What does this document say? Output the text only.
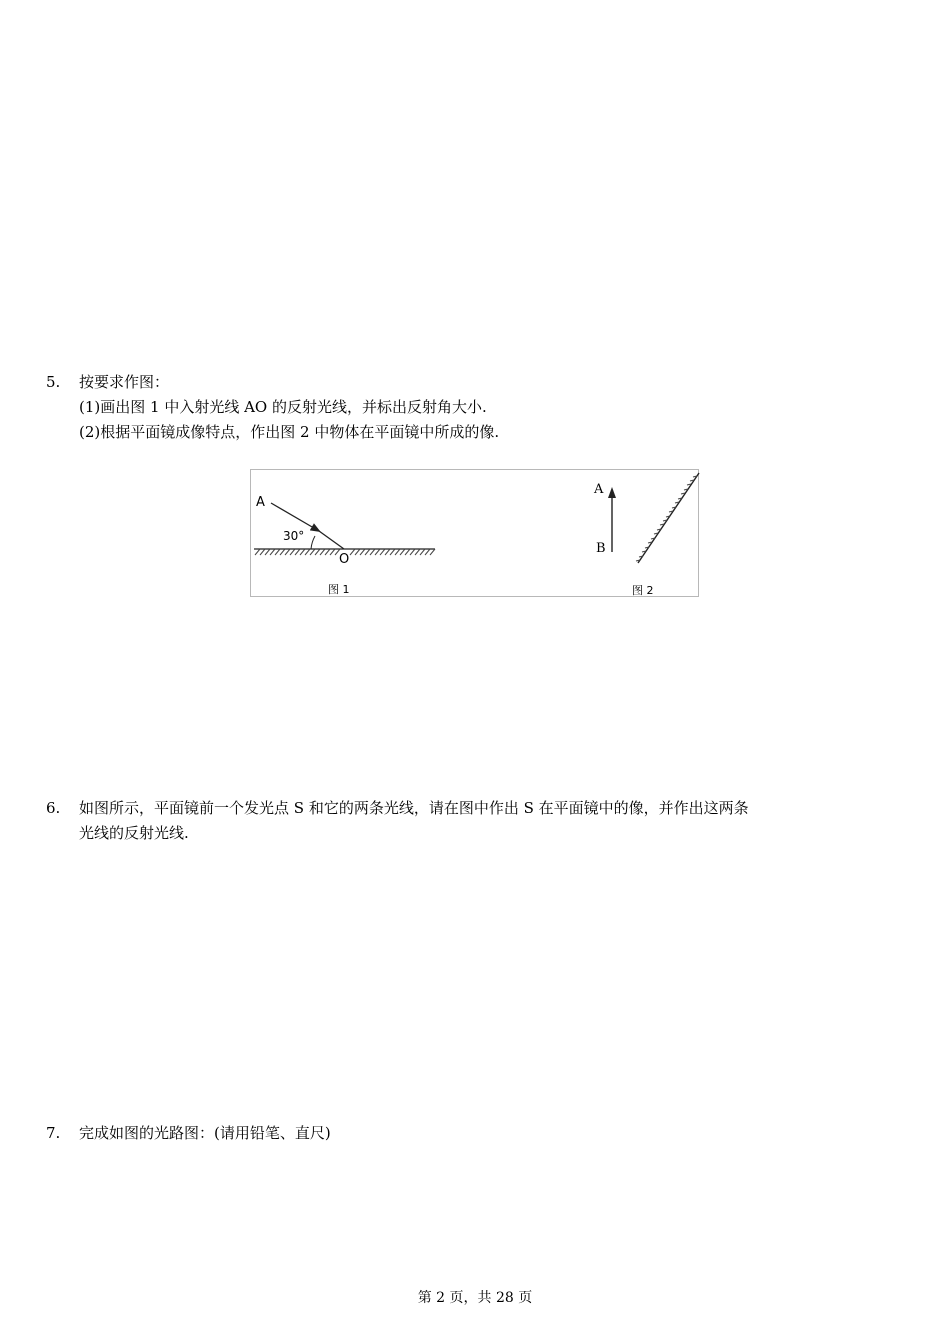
5. 按要求作图：
(1)画出图 1 中入射光线 AO 的反射光线，并标出反射角大小.
(2)根据平面镜成像特点，作出图 2 中物体在平面镜中所成的像.
A
30°
O
图 1
A
B
图 2
6. 如图所示，平面镜前一个发光点 S 和它的两条光线，请在图中作出 S 在平面镜中的像，并作出这两条
光线的反射光线.
7. 完成如图的光路图：(请用铅笔、直尺)
第 2 页，共 28 页
